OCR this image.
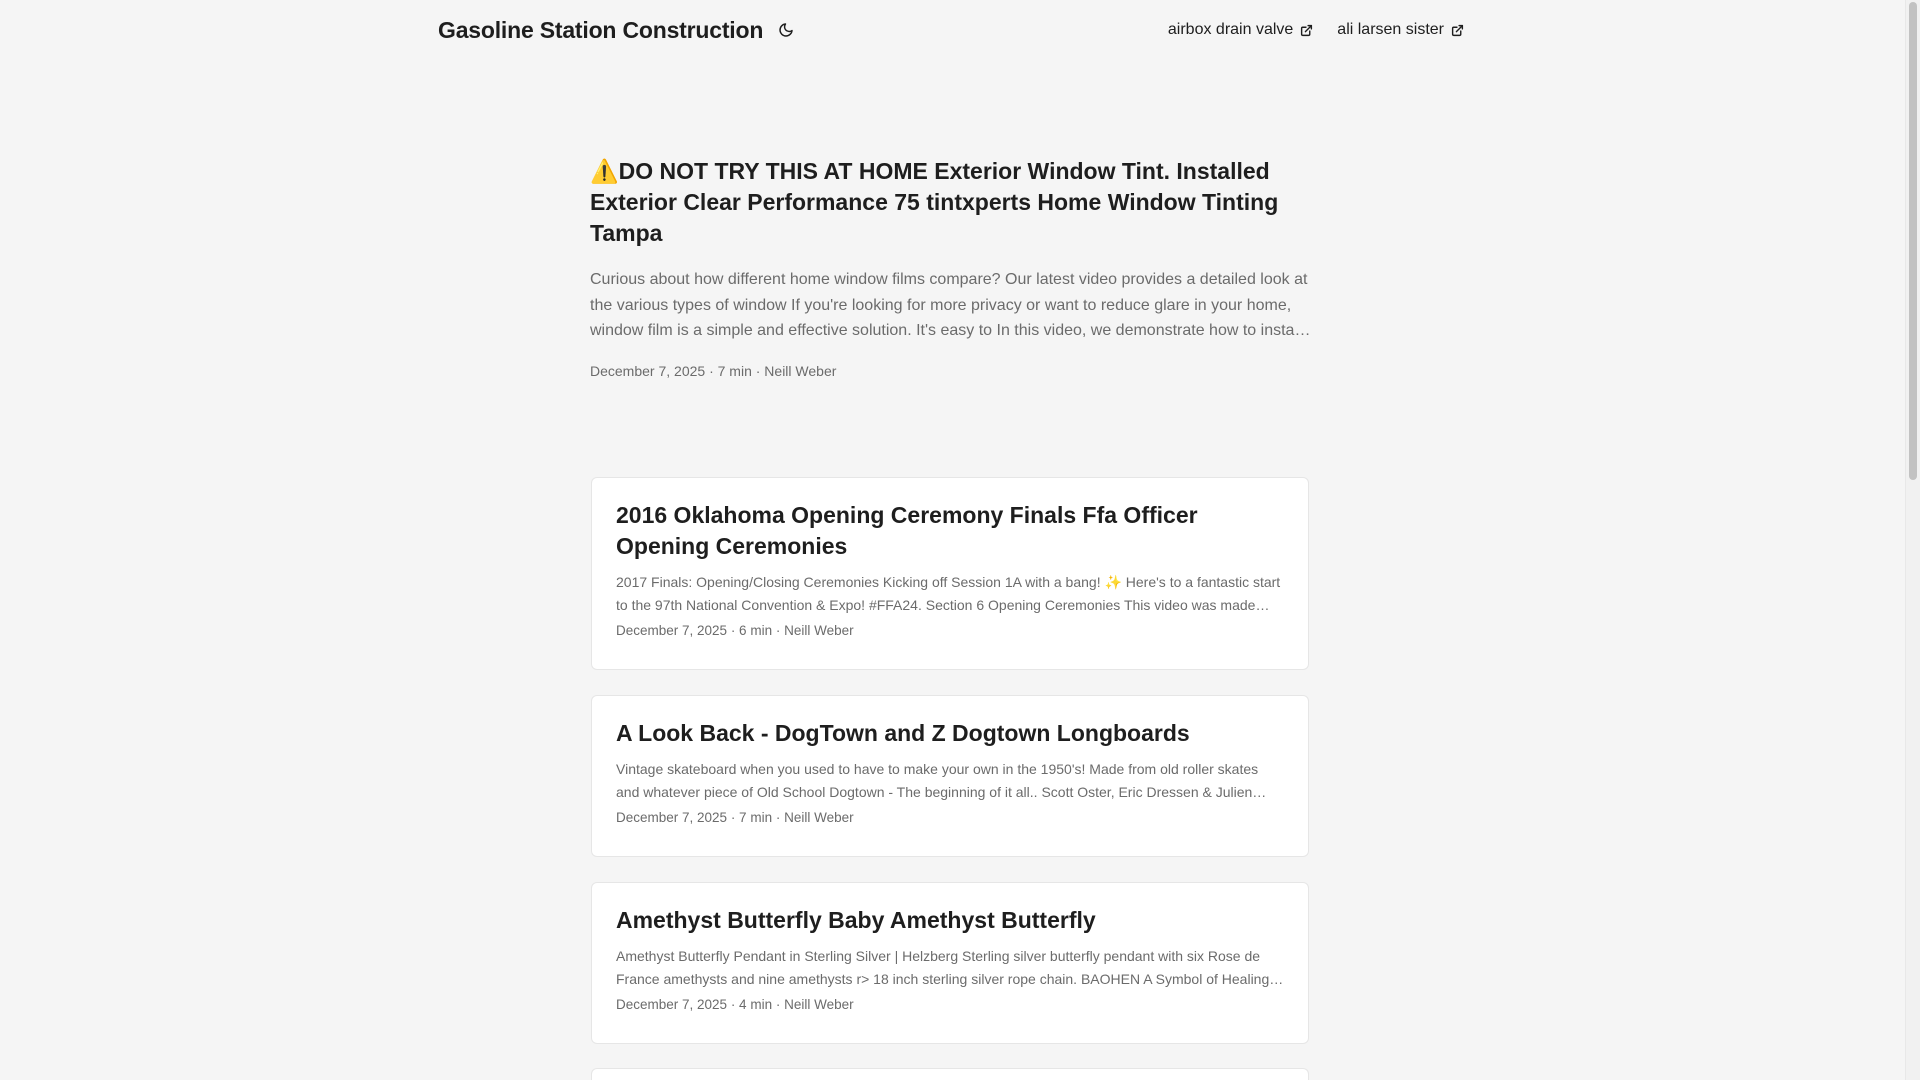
Gasoline Station Construction	airbox drain valve	ali larsen sister
⚠️DO NOT TRY THIS AT HOME Exterior Window Tint. Installed Exterior Clear Performance 75 tintxperts Home Window Tinting Tampa
Curious about how different home window films compare? Our latest video provides a detailed look at the various types of window If you're looking for more privacy or want to reduce glare in your home, window film is a simple and effective solution. It's easy to In this video, we demonstrate how to install
December 7, 2025 · 7 min · Neill Weber
2016 Oklahoma Opening Ceremony Finals Ffa Officer Opening Ceremonies
2017 Finals: Opening/Closing Ceremonies Kicking off Session 1A with a bang! ✨ Here's to a fantastic start to the 97th National Convention & Expo! #FFA24. Section 6 Opening Ceremonies This video was made
December 7, 2025 · 6 min · Neill Weber
A Look Back - DogTown and Z Dogtown Longboards
Vintage skateboard when you used to have to make your own in the 1950's! Made from old roller skates and whatever piece of Old School Dogtown - The beginning of it all.. Scott Oster, Eric Dressen & Julien
December 7, 2025 · 7 min · Neill Weber
Amethyst Butterfly Baby Amethyst Butterfly
Amethyst Butterfly Pendant in Sterling Silver | Helzberg Sterling silver butterfly pendant with six Rose de France amethysts and nine amethysts r> 18 inch sterling silver rope chain. BAOHEN A Symbol of Healing –
December 7, 2025 · 4 min · Neill Weber
